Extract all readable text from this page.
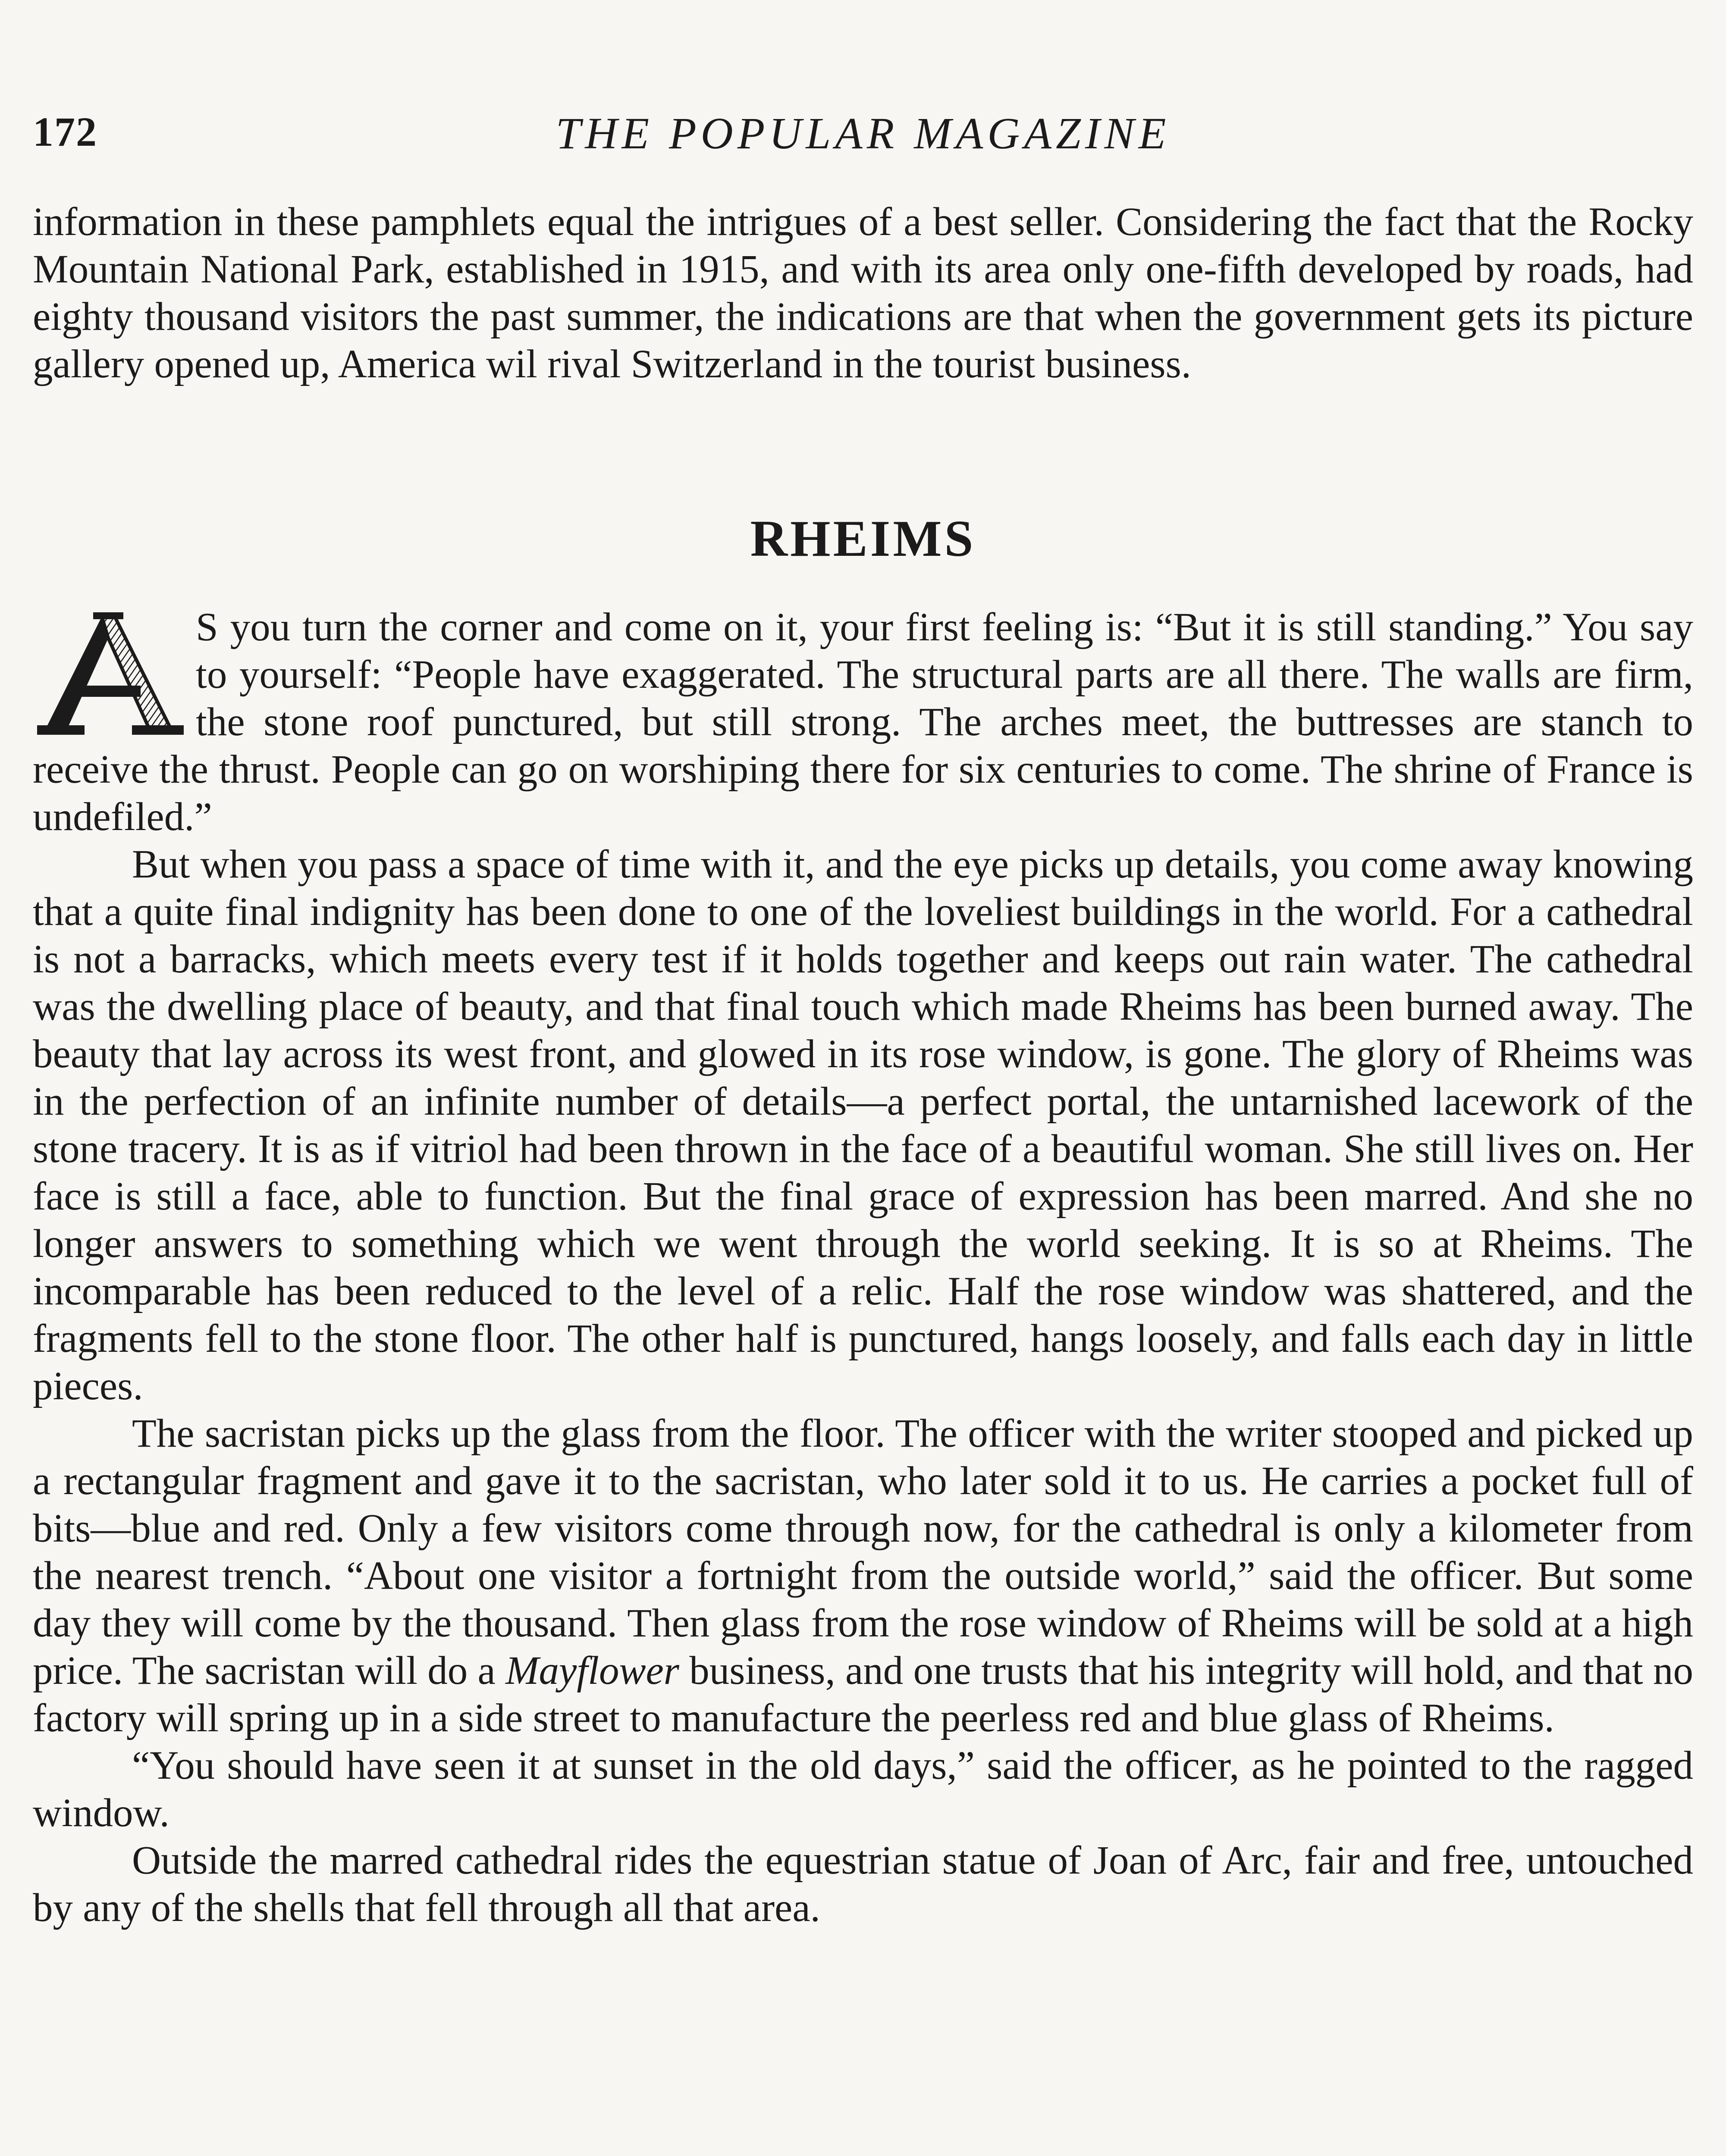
172	THE POPULAR MAGAZINE

information in these pamphlets equal the intrigues of a best seller. Considering the fact that the Rocky Mountain National Park, established in 1915, and with its area only one-fifth developed by roads, had eighty thousand visitors the past summer, the indications are that when the government gets its picture gallery opened up, America wil rival Switzerland in the tourist business.

RHEIMS

S you turn the corner and come on it, your first feeling is: “But it is still standing.” You say to yourself: “People have exaggerated. The structural parts are all there. The walls are firm, the stone roof punctured, but still strong. The arches meet, the buttresses are stanch to receive the thrust. People can go on worshiping there for six centuries to come. The shrine of France is undefiled.”

But when you pass a space of time with it, and the eye picks up details, you come away knowing that a quite final indignity has been done to one of the loveliest buildings in the world. For a cathedral is not a barracks, which meets every test if it holds together and keeps out rain water. The cathedral was the dwelling place of beauty, and that final touch which made Rheims has been burned away. The beauty that lay across its west front, and glowed in its rose window, is gone. The glory of Rheims was in the perfection of an infinite number of details—a perfect portal, the untarnished lacework of the stone tracery. It is as if vitriol had been thrown in the face of a beautiful woman. She still lives on. Her face is still a face, able to function. But the final grace of expression has been marred. And she no longer answers to something which we went through the world seeking. It is so at Rheims. The incomparable has been reduced to the level of a relic. Half the rose window was shattered, and the fragments fell to the stone floor. The other half is punctured, hangs loosely, and falls each day in little pieces.

The sacristan picks up the glass from the floor. The officer with the writer stooped and picked up a rectangular fragment and gave it to the sacristan, who later sold it to us. He carries a pocket full of bits—blue and red. Only a few visitors come through now, for the cathedral is only a kilometer from the nearest trench. “About one visitor a fortnight from the outside world,” said the officer. But some day they will come by the thousand. Then glass from the rose window of Rheims will be sold at a high price. The sacristan will do a Mayflower business, and one trusts that his integrity will hold, and that no factory will spring up in a side street to manufacture the peerless red and blue glass of Rheims.

“You should have seen it at sunset in the old days,” said the officer, as he pointed to the ragged window.

Outside the marred cathedral rides the equestrian statue of Joan of Arc, fair and free, untouched by any of the shells that fell through all that area.
